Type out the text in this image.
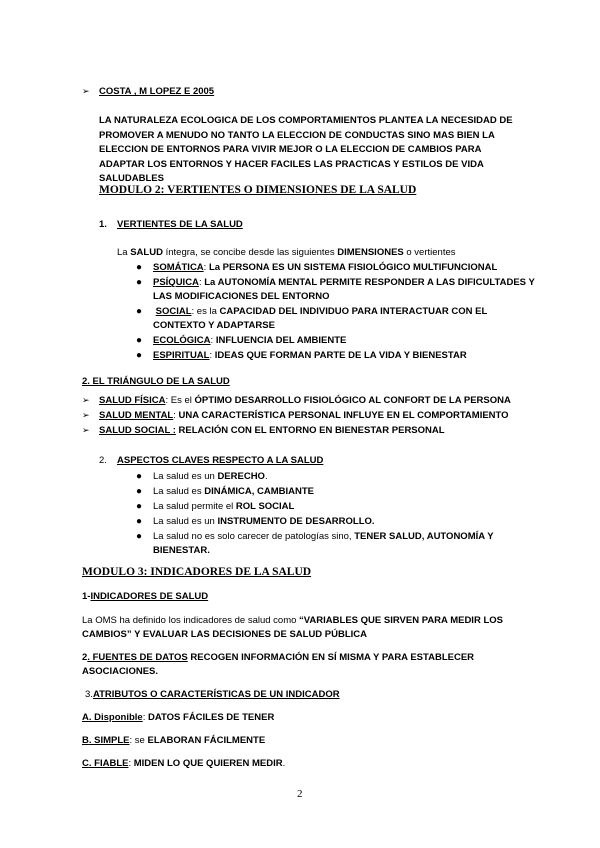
➢ COSTA , M LOPEZ E 2005
LA NATURALEZA ECOLOGICA DE LOS COMPORTAMIENTOS PLANTEA LA NECESIDAD DE PROMOVER A MENUDO NO TANTO LA ELECCION DE CONDUCTAS SINO MAS BIEN LA ELECCION DE ENTORNOS PARA VIVIR MEJOR O LA ELECCION DE CAMBIOS PARA ADAPTAR LOS ENTORNOS Y HACER FACILES LAS PRACTICAS Y ESTILOS DE VIDA SALUDABLES
MODULO 2: VERTIENTES O DIMENSIONES DE LA SALUD
1. VERTIENTES DE LA SALUD
La SALUD íntegra, se concibe desde las siguientes DIMENSIONES o vertientes
● SOMÁTICA: La PERSONA ES UN SISTEMA FISIOLÓGICO MULTIFUNCIONAL
● PSÍQUICA: La AUTONOMÍA MENTAL PERMITE RESPONDER A LAS DIFICULTADES Y
LAS MODIFICACIONES DEL ENTORNO
● SOCIAL: es la CAPACIDAD DEL INDIVIDUO PARA INTERACTUAR CON EL
CONTEXTO Y ADAPTARSE
● ECOLÓGICA: INFLUENCIA DEL AMBIENTE
● ESPIRITUAL: IDEAS QUE FORMAN PARTE DE LA VIDA Y BIENESTAR
2. EL TRIÁNGULO DE LA SALUD
➢ SALUD FÍSICA: Es el ÓPTIMO DESARROLLO FISIOLÓGICO AL CONFORT DE LA PERSONA
➢ SALUD MENTAL: UNA CARACTERÍSTICA PERSONAL INFLUYE EN EL COMPORTAMIENTO
➢ SALUD SOCIAL : RELACIÓN CON EL ENTORNO EN BIENESTAR PERSONAL
2. ASPECTOS CLAVES RESPECTO A LA SALUD
● La salud es un DERECHO.
● La salud es DINÁMICA, CAMBIANTE
● La salud permite el ROL SOCIAL
● La salud es un INSTRUMENTO DE DESARROLLO.
● La salud no es solo carecer de patologías sino, TENER SALUD, AUTONOMÍA Y
BIENESTAR.
MODULO 3: INDICADORES DE LA SALUD
1-INDICADORES DE SALUD
La OMS ha definido los indicadores de salud como “VARIABLES QUE SIRVEN PARA MEDIR LOS
CAMBIOS” Y EVALUAR LAS DECISIONES DE SALUD PÚBLICA
2. FUENTES DE DATOS RECOGEN INFORMACIÓN EN SÍ MISMA Y PARA ESTABLECER
ASOCIACIONES.
3.ATRIBUTOS O CARACTERÍSTICAS DE UN INDICADOR
A. Disponible: DATOS FÁCILES DE TENER
B. SIMPLE: se ELABORAN FÁCILMENTE
C. FIABLE: MIDEN LO QUE QUIEREN MEDIR.
2
